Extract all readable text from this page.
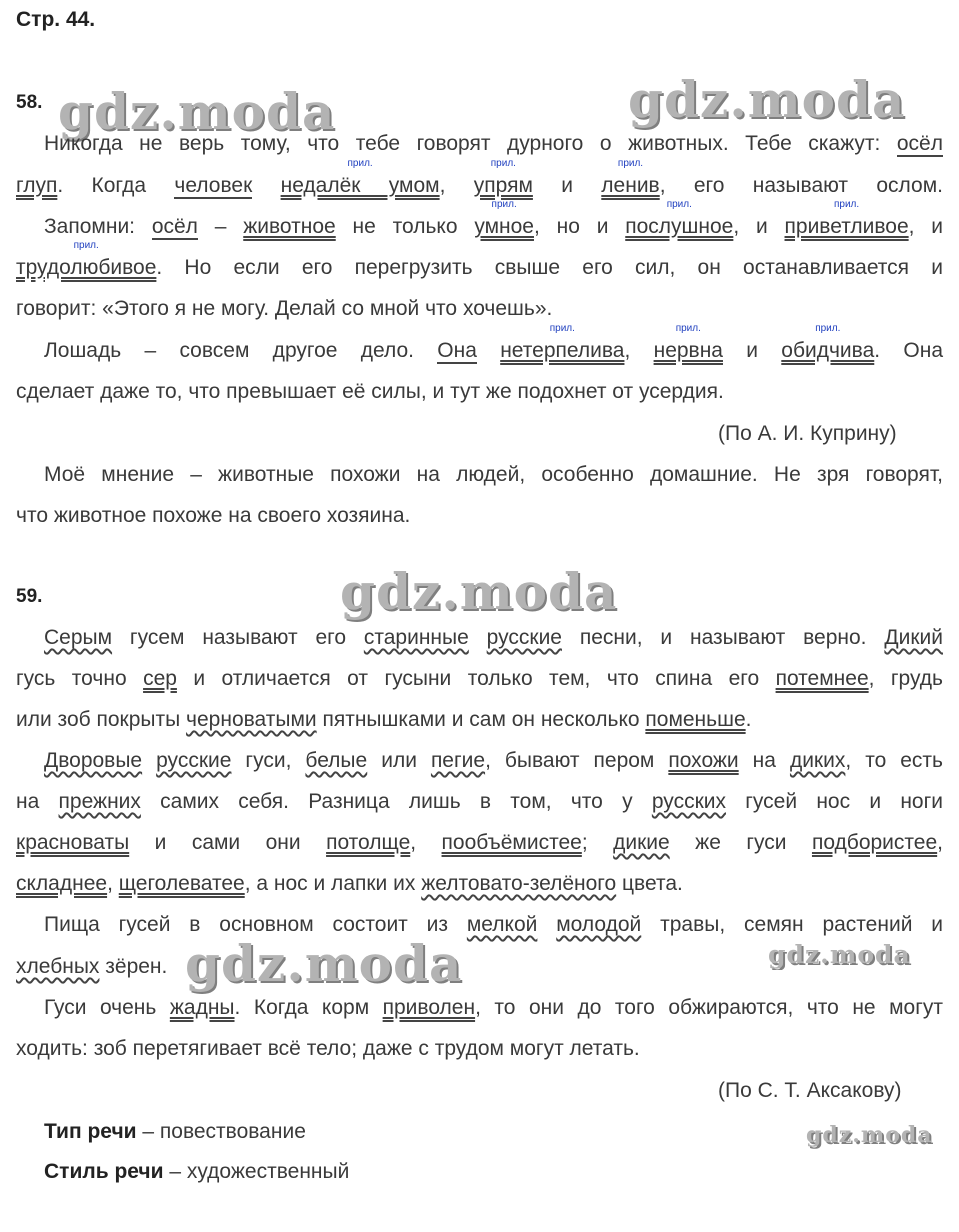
Стр. 44.
gdz.moda	gdz.moda
gdz.moda
gdz.moda	gdz.moda
gdz.moda
58.
Никогда не верь тому, что тебе говорят дурного о животных. Тебе скажут: осёл
глуп. Когда человек
прил.
недалёк умом,
прил.
упрям и
прил.
ленив, его называют ослом.
Запомни: осёл – животное не только
прил.
умное, но и
прил.
послушное, и
прил.
приветливое, и
прил.
трудолюбивое. Но если его перегрузить свыше его сил, он останавливается и
говорит: «Этого я не могу. Делай со мной что хочешь».
Лошадь – совсем другое дело. Она
прил.
нетерпелива,
прил.
нервна и
прил.
обидчива. Она
сделает даже то, что превышает её силы, и тут же подохнет от усердия.
(По А. И. Куприну)
Моё мнение – животные похожи на людей, особенно домашние. Не зря говорят,
что животное похоже на своего хозяина.
59.
Серым гусем называют его старинные русские песни, и называют верно. Дикий
гусь точно сер и отличается от гусыни только тем, что спина его потемнее, грудь
или зоб покрыты черноватыми пятнышками и сам он несколько поменьше.
Дворовые русские гуси, белые или пегие, бывают пером похожи на диких, то есть
на прежних самих себя. Разница лишь в том, что у русских гусей нос и ноги
красноваты и сами они потолще, пообъёмистее; дикие же гуси подбористее,
складнее, щеголеватее, а нос и лапки их желтовато-зелёного цвета.
Пища гусей в основном состоит из мелкой молодой травы, семян растений и
хлебных зёрен.
Гуси очень жадны. Когда корм приволен, то они до того обжираются, что не могут
ходить: зоб перетягивает всё тело; даже с трудом могут летать.
(По С. Т. Аксакову)
Тип речи – повествование
Стиль речи – художественный
